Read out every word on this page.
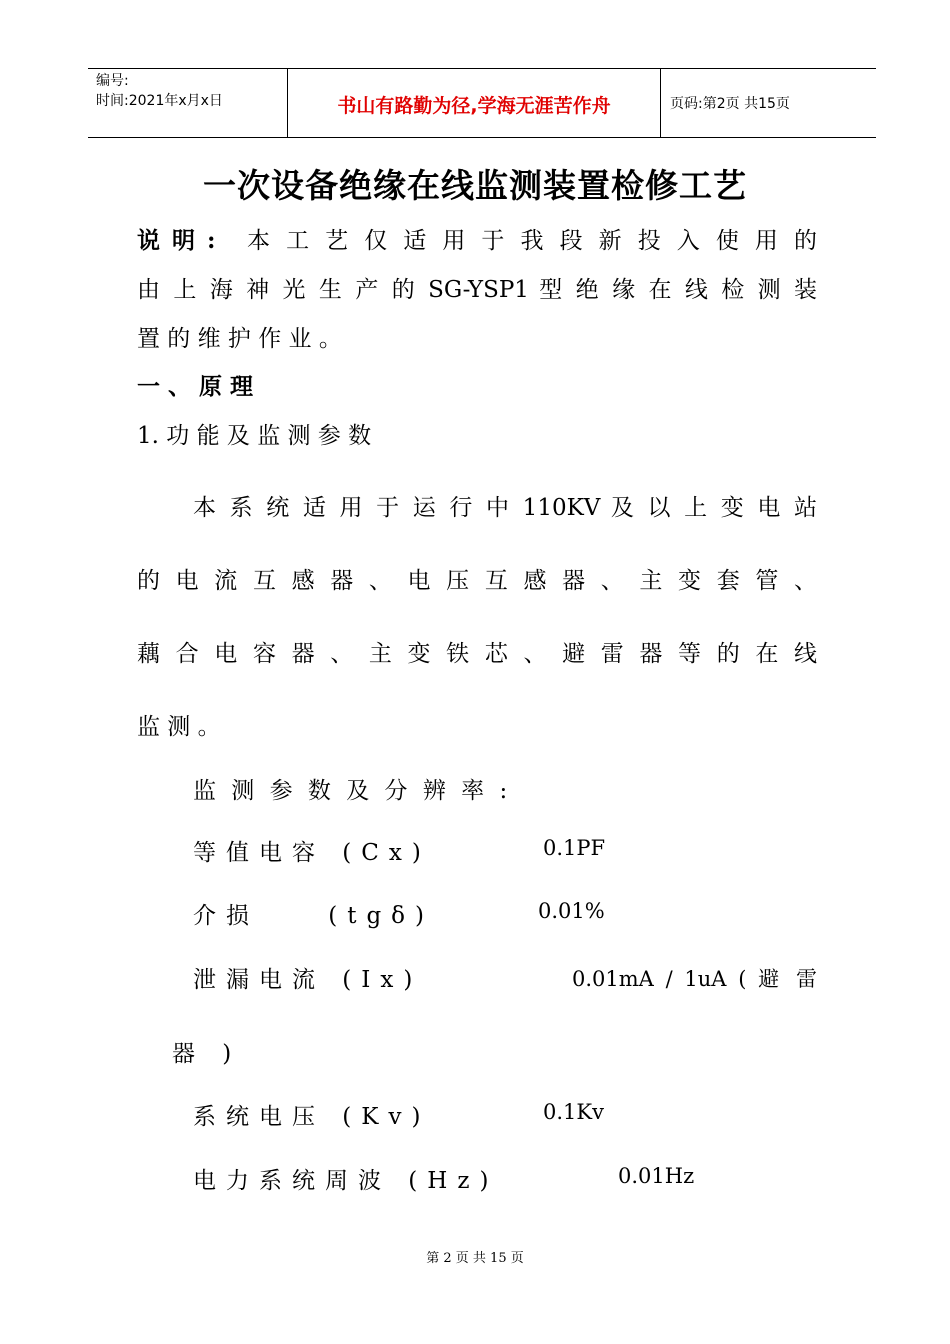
编号:
时间:2021年x月x日	书山有路勤为径,学海无涯苦作舟	页码:第2页 共15页
一次设备绝缘在线监测装置检修工艺
说 明 :	本 工 艺 仅 适 用 于 我 段 新 投 入 使 用 的
由 上 海 神 光 生 产 的 SG-YSP1 型 绝 缘 在 线 检 测 装
置 的 维 护 作 业 。
一 、 原 理
1. 功 能 及 监 测 参 数
本 系 统 适 用 于 运 行 中 110KV 及 以 上 变 电 站
的 电 流 互 感 器 、 电 压 互 感 器 、 主 变 套 管 、
藕 合 电 容 器 、 主 变 铁 芯 、 避 雷 器 等 的 在 线
监 测 。
监 测 参 数 及 分 辨 率 :
等值电容 (Cx)	0.1PF
介损    (tgδ)	0.01%
泄漏电流 (Ix)	0.01mA / 1uA ( 避 雷
器 )
系统电压 (Kv)	0.1Kv
电力系统周波 (Hz)	0.01Hz
第 2 页 共 15 页
